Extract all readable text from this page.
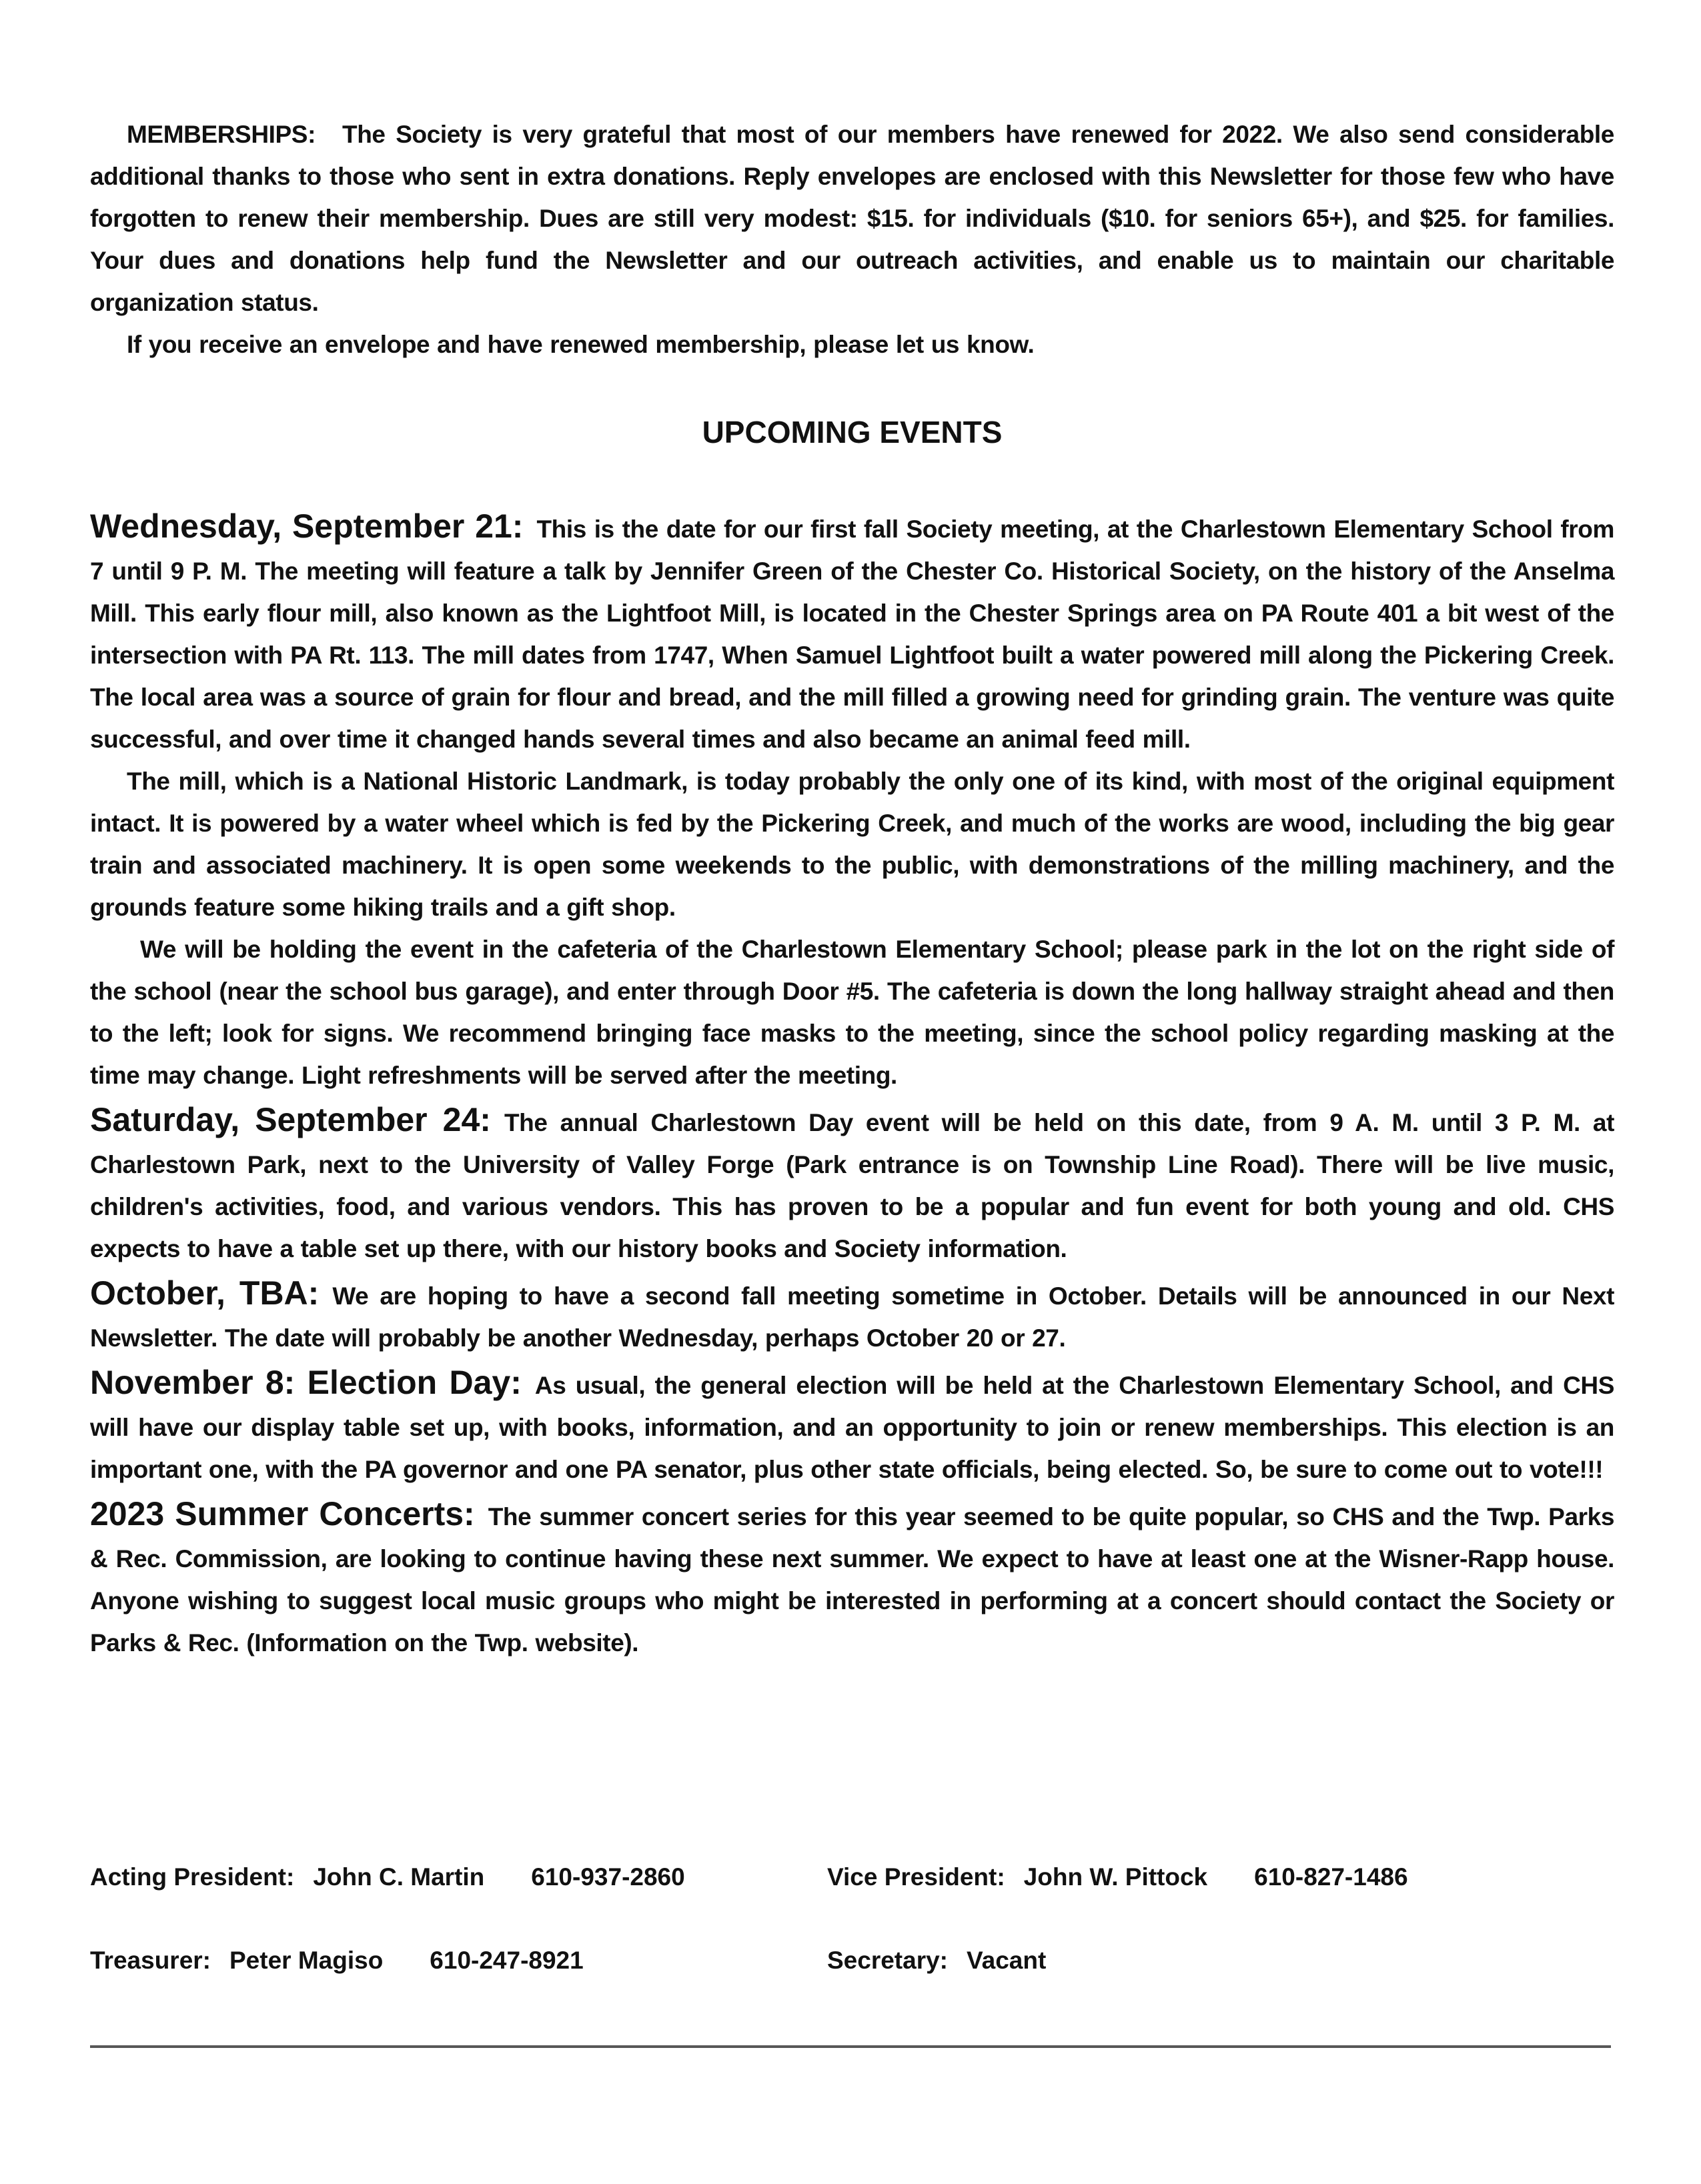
MEMBERSHIPS: The Society is very grateful that most of our members have renewed for 2022. We also send considerable additional thanks to those who sent in extra donations. Reply envelopes are enclosed with this Newsletter for those few who have forgotten to renew their membership. Dues are still very modest: $15. for individuals ($10. for seniors 65+), and $25. for families. Your dues and donations help fund the Newsletter and our outreach activities, and enable us to maintain our charitable organization status.

If you receive an envelope and have renewed membership, please let us know.

UPCOMING EVENTS

Wednesday, September 21: This is the date for our first fall Society meeting, at the Charlestown Elementary School from 7 until 9 P. M. The meeting will feature a talk by Jennifer Green of the Chester Co. Historical Society, on the history of the Anselma Mill. This early flour mill, also known as the Lightfoot Mill, is located in the Chester Springs area on PA Route 401 a bit west of the intersection with PA Rt. 113. The mill dates from 1747, When Samuel Lightfoot built a water powered mill along the Pickering Creek. The local area was a source of grain for flour and bread, and the mill filled a growing need for grinding grain. The venture was quite successful, and over time it changed hands several times and also became an animal feed mill.

The mill, which is a National Historic Landmark, is today probably the only one of its kind, with most of the original equipment intact. It is powered by a water wheel which is fed by the Pickering Creek, and much of the works are wood, including the big gear train and associated machinery. It is open some weekends to the public, with demonstrations of the milling machinery, and the grounds feature some hiking trails and a gift shop.

We will be holding the event in the cafeteria of the Charlestown Elementary School; please park in the lot on the right side of the school (near the school bus garage), and enter through Door #5. The cafeteria is down the long hallway straight ahead and then to the left; look for signs. We recommend bringing face masks to the meeting, since the school policy regarding masking at the time may change. Light refreshments will be served after the meeting.

Saturday, September 24: The annual Charlestown Day event will be held on this date, from 9 A. M. until 3 P. M. at Charlestown Park, next to the University of Valley Forge (Park entrance is on Township Line Road). There will be live music, children's activities, food, and various vendors. This has proven to be a popular and fun event for both young and old. CHS expects to have a table set up there, with our history books and Society information.

October, TBA: We are hoping to have a second fall meeting sometime in October. Details will be announced in our Next Newsletter. The date will probably be another Wednesday, perhaps October 20 or 27.

November 8: Election Day: As usual, the general election will be held at the Charlestown Elementary School, and CHS will have our display table set up, with books, information, and an opportunity to join or renew memberships. This election is an important one, with the PA governor and one PA senator, plus other state officials, being elected. So, be sure to come out to vote!!!

2023 Summer Concerts: The summer concert series for this year seemed to be quite popular, so CHS and the Twp. Parks & Rec. Commission, are looking to continue having these next summer. We expect to have at least one at the Wisner-Rapp house. Anyone wishing to suggest local music groups who might be interested in performing at a concert should contact the Society or Parks & Rec. (Information on the Twp. website).

Acting President: John C. Martin 610-937-2860	Vice President: John W. Pittock 610-827-1486
Treasurer: Peter Magiso 610-247-8921	Secretary: Vacant
